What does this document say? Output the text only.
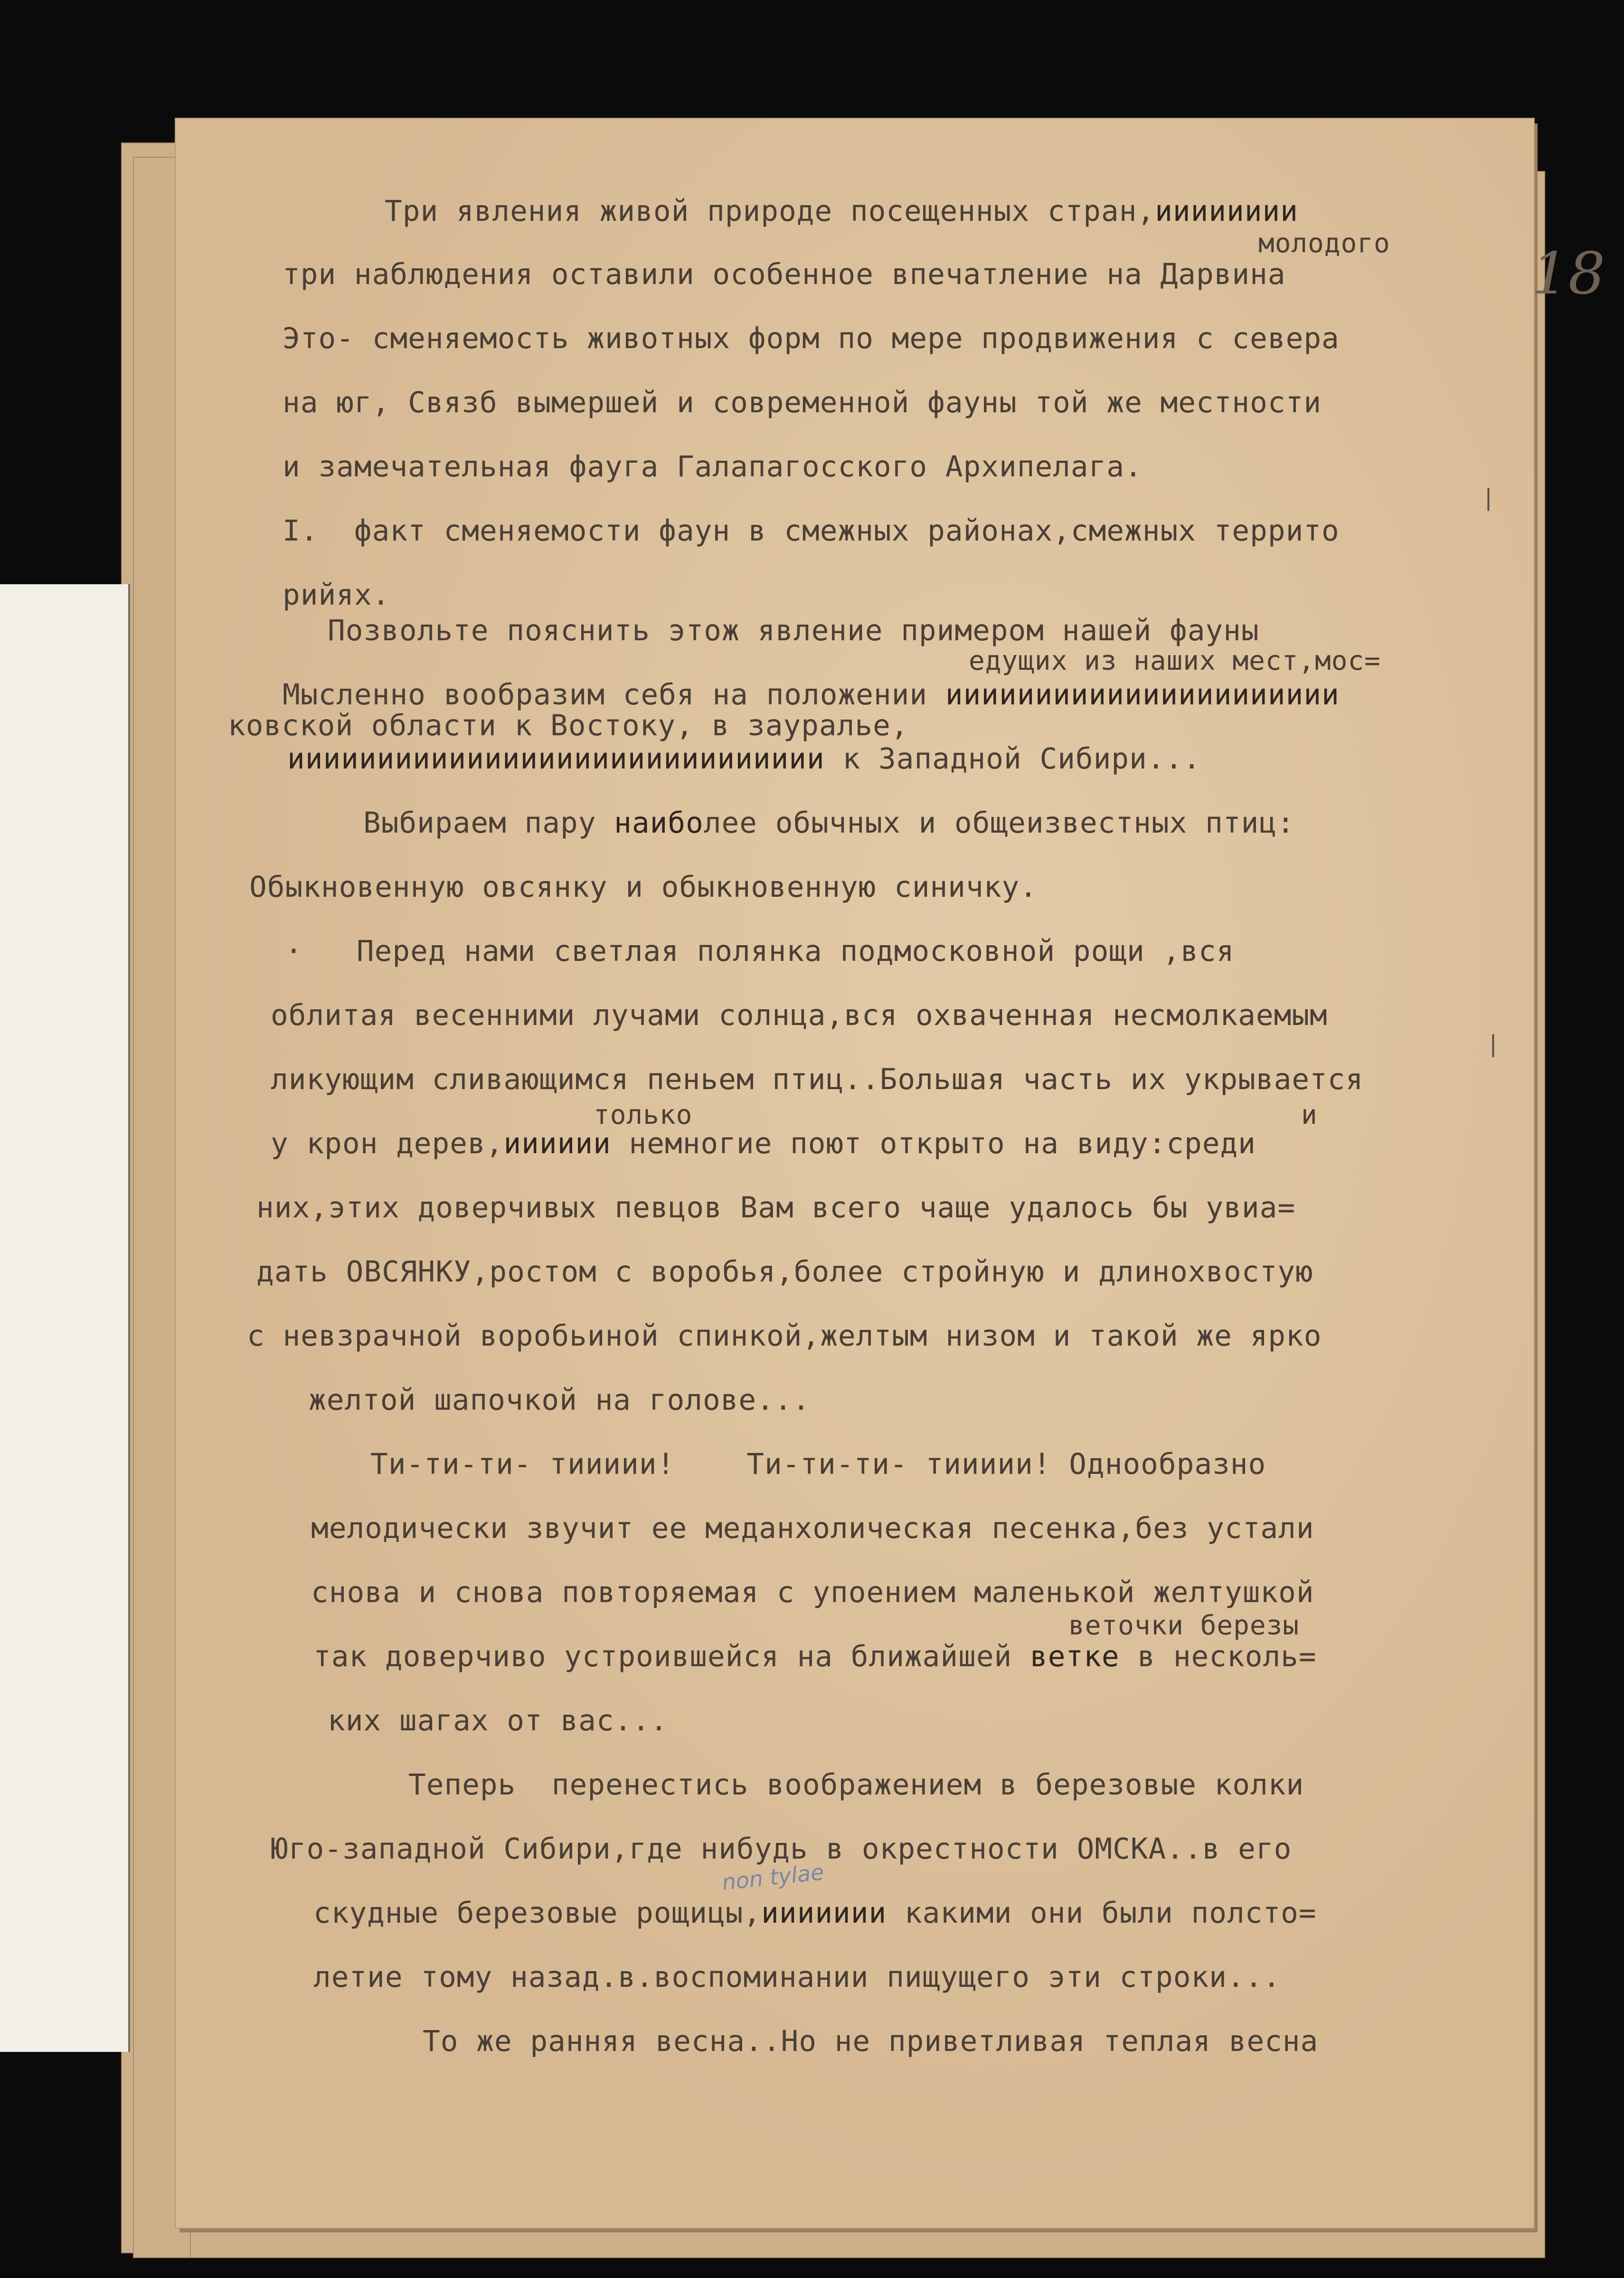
18

Три явления живой природе посещенных стран,ииииииии

молодого

три наблюдения оставили особенное впечатление на Дарвина

Это- сменяемость животных форм по мере продвижения с севера

на юг, Связб вымершей и современной фауны той же местности

и замечательная фауга Галапагосского Архипелага.

I.  факт сменяемости фаун в смежных районах,смежных террито

рийях.

Позвольте пояснить этож явление примером нашей фауны

едущих из наших мест,мос=

Мысленно вообразим себя на положении ииииииииииииииииииииии

ковской области к Востоку, в зауралье,

ииииииииииииииииииииииииииииии к Западной Сибири...

Выбираем пару наиболее обычных и общеизвестных птиц:

Обыкновенную овсянку и обыкновенную синичку.

·   Перед нами светлая полянка подмосковной рощи ,вся

облитая весенними лучами солнца,вся охваченная несмолкаемым

ликующим сливающимся пеньем птиц..Большая часть их укрывается

только	и

у крон дерев,ииииии немногие поют открыто на виду:среди

них,этих доверчивых певцов Вам всего чаще удалось бы увиа=

дать ОВСЯНКУ,ростом с воробья,более стройную и длинохвостую

с невзрачной воробьиной спинкой,желтым низом и такой же ярко

желтой шапочкой на голове...

Ти-ти-ти- тиииии!    Ти-ти-ти- тиииии! Однообразно

мелодически звучит ее меданхолическая песенка,без устали

снова и снова повторяемая с упоением маленькой желтушкой

веточки березы

так доверчиво устроившейся на ближайшей ветке в несколь=

ких шагах от вас...

Теперь  перенестись воображением в березовые колки

Юго-западной Сибири,где нибудь в окрестности ОМСКА..в его

скудные березовые рощицы,иииииии какими они были полсто=

летие тому назад.в.воспоминании пищущего эти строки...

То же ранняя весна..Но не приветливая теплая весна

non tylae

|

|
